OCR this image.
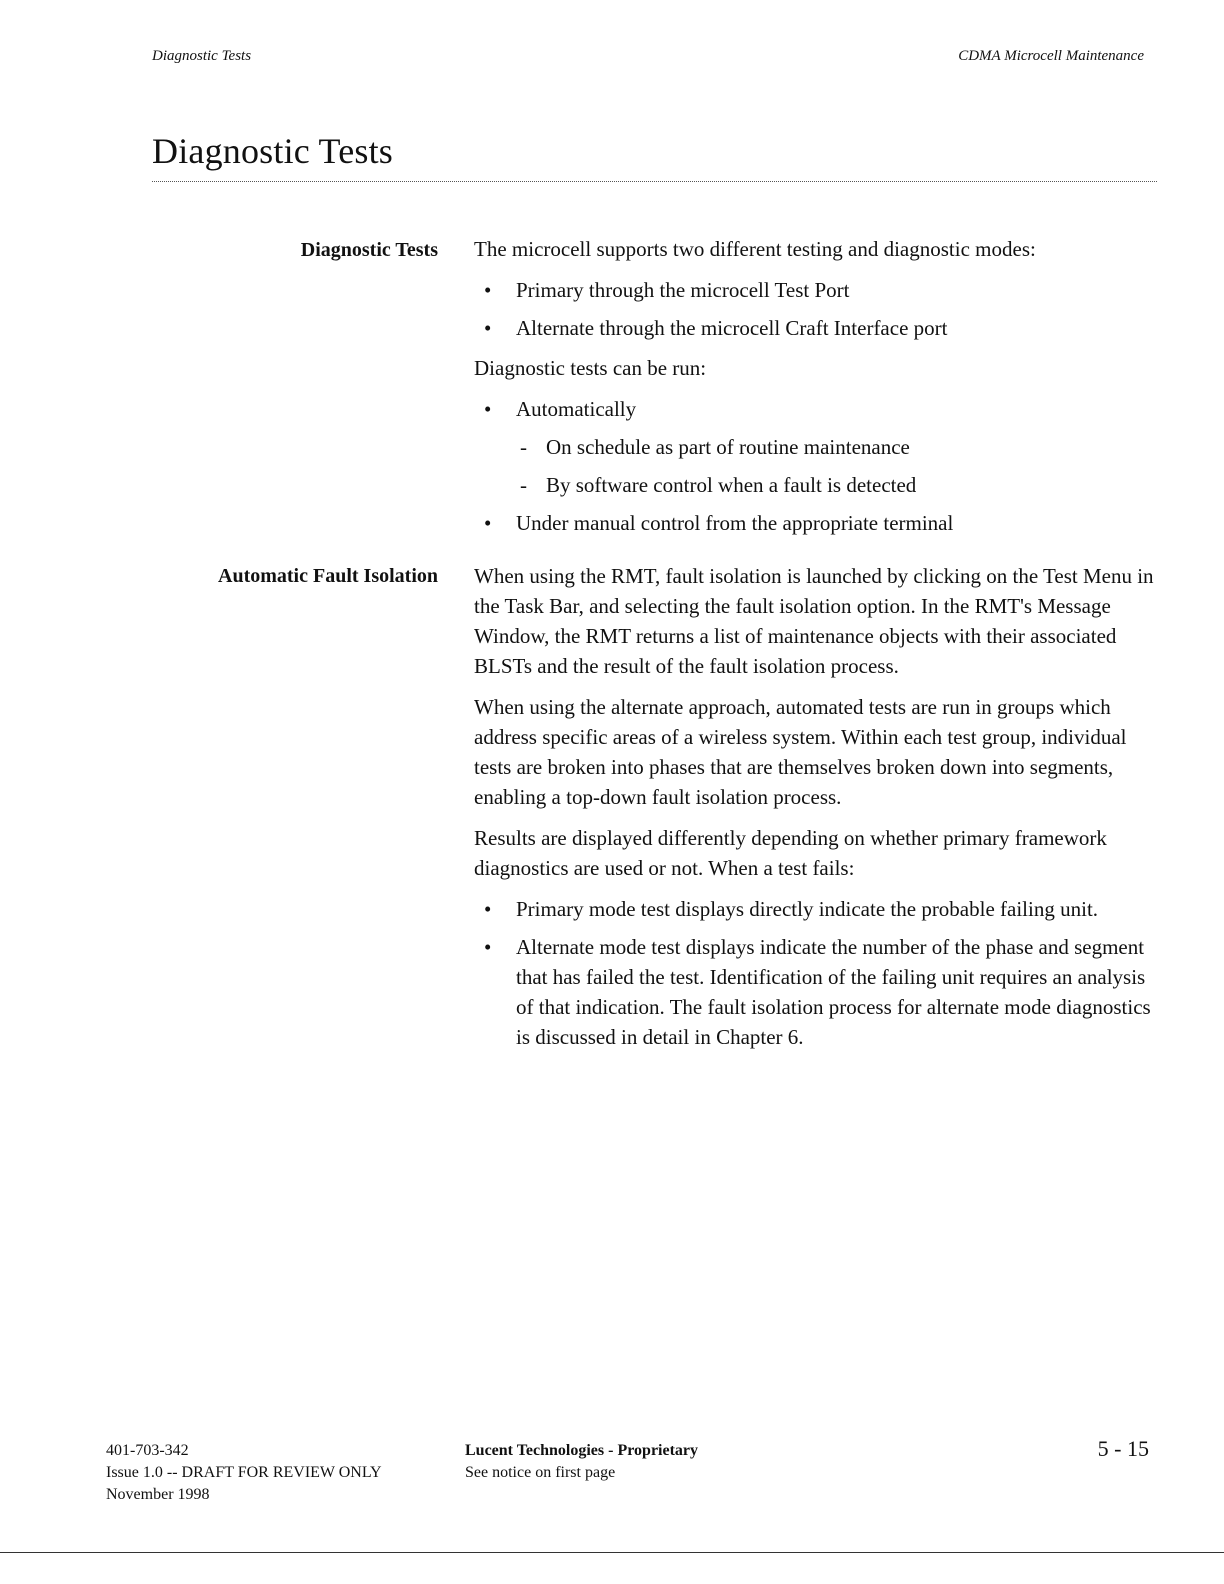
Diagnostic Tests	CDMA Microcell Maintenance
Diagnostic Tests
Diagnostic Tests The microcell supports two different testing and diagnostic modes:

• Primary through the microcell Test Port
• Alternate through the microcell Craft Interface port

Diagnostic tests can be run:

• Automatically
- On schedule as part of routine maintenance
- By software control when a fault is detected
• Under manual control from the appropriate terminal
Automatic Fault Isolation When using the RMT, fault isolation is launched by clicking on the Test Menu in the Task Bar, and selecting the fault isolation option. In the RMT's Message Window, the RMT returns a list of maintenance objects with their associated BLSTs and the result of the fault isolation process.

When using the alternate approach, automated tests are run in groups which address specific areas of a wireless system. Within each test group, individual tests are broken into phases that are themselves broken down into segments, enabling a top-down fault isolation process.

Results are displayed differently depending on whether primary framework diagnostics are used or not. When a test fails:

• Primary mode test displays directly indicate the probable failing unit.
• Alternate mode test displays indicate the number of the phase and segment that has failed the test. Identification of the failing unit requires an analysis of that indication. The fault isolation process for alternate mode diagnostics is discussed in detail in Chapter 6.
401-703-342
Issue 1.0 -- DRAFT FOR REVIEW ONLY
November 1998
Lucent Technologies - Proprietary
See notice on first page
5 - 15
